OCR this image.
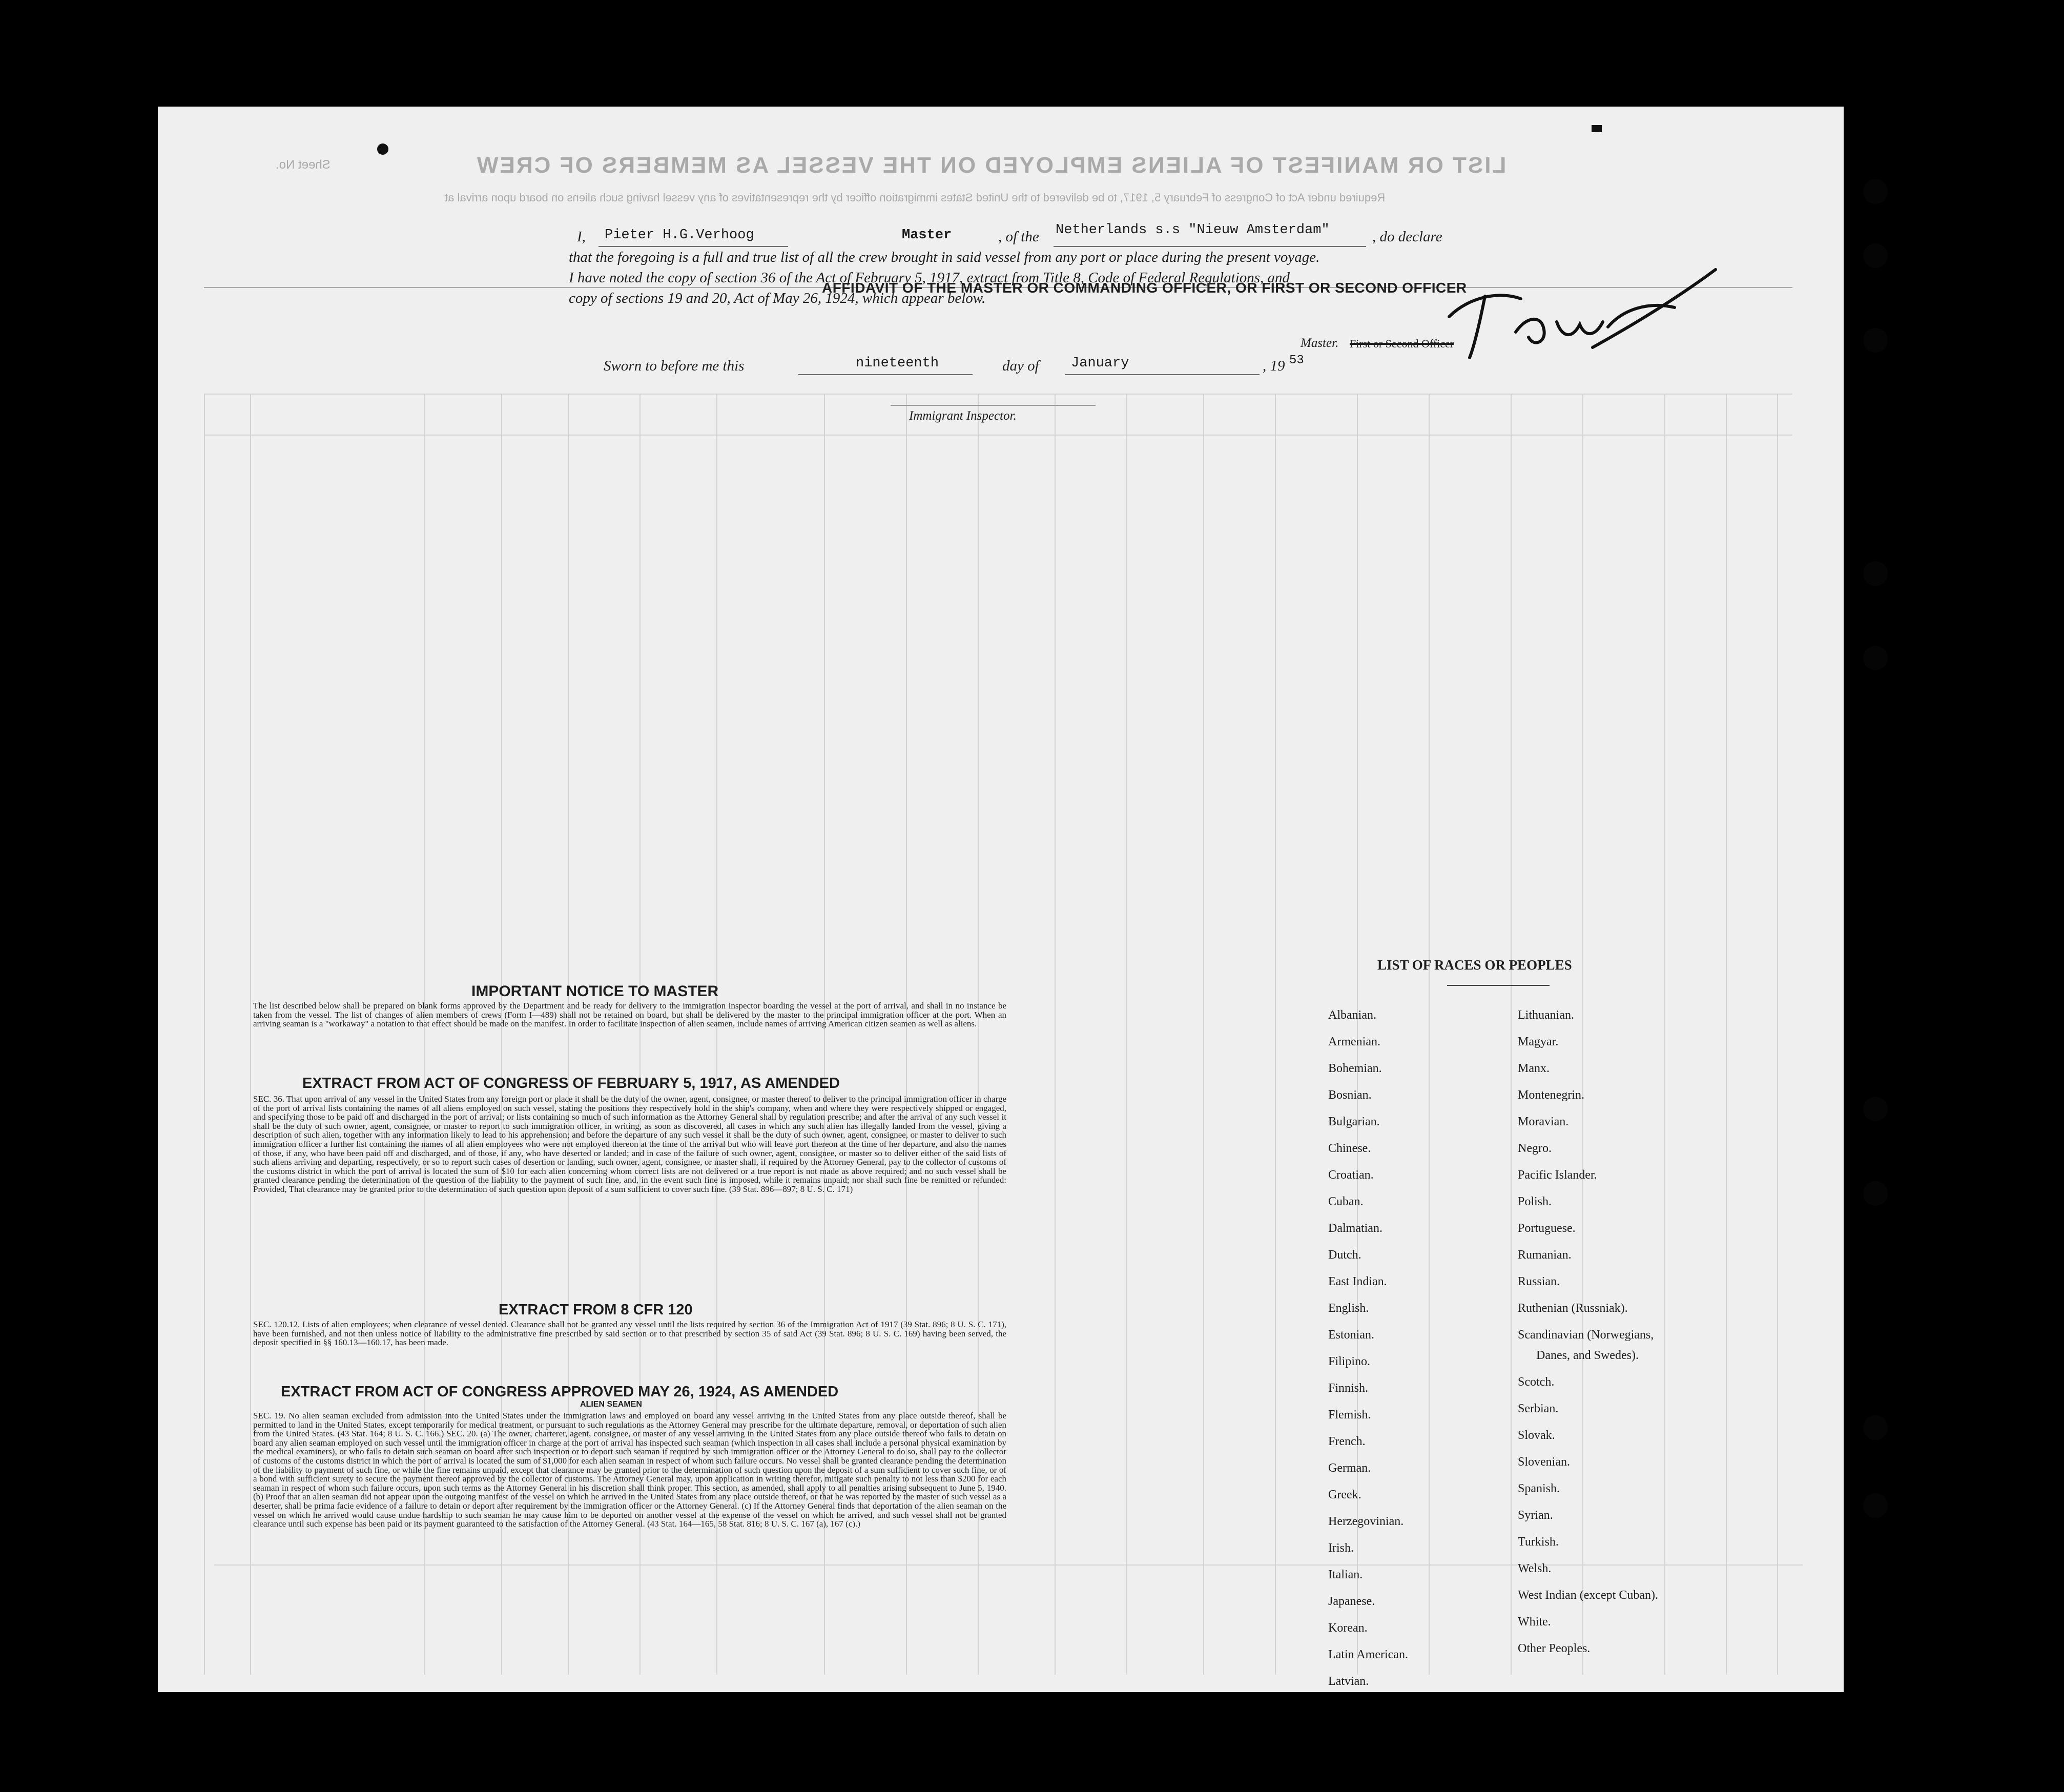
LIST OR MANIFEST OF ALIENS EMPLOYED ON THE VESSEL AS MEMBERS OF CREW
Required under Act of Congress of February 5, 1917, to be delivered to the United States immigration officer by the representatives of any vessel having such aliens on board upon arrival at
Sheet No.
AFFIDAVIT OF THE MASTER OR COMMANDING OFFICER, OR FIRST OR SECOND OFFICER
I, Pieter H.G.Verhoog	Master	, of the Netherlands s.s "Nieuw Amsterdam"	, do declare
that the foregoing is a full and true list of all the crew brought in said vessel from any port or place during the present voyage.
I have noted the copy of section 36 of the Act of February 5, 1917, extract from Title 8, Code of Federal Regulations, and
copy of sections 19 and 20, Act of May 26, 1924, which appear below.
Master. First or Second Officer
Sworn to before me this	nineteenth	day of January	, 19 53
Immigrant Inspector.
IMPORTANT NOTICE TO MASTER
The list described below shall be prepared on blank forms approved by the Department and be ready for delivery to the immigration inspector boarding the vessel at the port of arrival, and shall in no instance be taken from the vessel. The list of changes of alien members of crews (Form I—489) shall not be retained on board, but shall be delivered by the master to the principal immigration officer at the port. When an arriving seaman is a "workaway" a notation to that effect should be made on the manifest. In order to facilitate inspection of alien seamen, include names of arriving American citizen seamen as well as aliens.
EXTRACT FROM ACT OF CONGRESS OF FEBRUARY 5, 1917, AS AMENDED
SEC. 36. That upon arrival of any vessel in the United States from any foreign port or place it shall be the duty of the owner, agent, consignee, or master thereof to deliver to the principal immigration officer in charge of the port of arrival lists containing the names of all aliens employed on such vessel, stating the positions they respectively hold in the ship's company, when and where they were respectively shipped or engaged, and specifying those to be paid off and discharged in the port of arrival; or lists containing so much of such information as the Attorney General shall by regulation prescribe; and after the arrival of any such vessel it shall be the duty of such owner, agent, consignee, or master to report to such immigration officer, in writing, as soon as discovered, all cases in which any such alien has illegally landed from the vessel, giving a description of such alien, together with any information likely to lead to his apprehension; and before the departure of any such vessel it shall be the duty of such owner, agent, consignee, or master to deliver to such immigration officer a further list containing the names of all alien employees who were not employed thereon at the time of the arrival but who will leave port thereon at the time of her departure, and also the names of those, if any, who have been paid off and discharged, and of those, if any, who have deserted or landed; and in case of the failure of such owner, agent, consignee, or master so to deliver either of the said lists of such aliens arriving and departing, respectively, or so to report such cases of desertion or landing, such owner, agent, consignee, or master shall, if required by the Attorney General, pay to the collector of customs of the customs district in which the port of arrival is located the sum of $10 for each alien concerning whom correct lists are not delivered or a true report is not made as above required; and no such vessel shall be granted clearance pending the determination of the question of the liability to the payment of such fine, and, in the event such fine is imposed, while it remains unpaid; nor shall such fine be remitted or refunded: Provided, That clearance may be granted prior to the determination of such question upon deposit of a sum sufficient to cover such fine. (39 Stat. 896—897; 8 U. S. C. 171)
EXTRACT FROM 8 CFR 120
SEC. 120.12. Lists of alien employees; when clearance of vessel denied. Clearance shall not be granted any vessel until the lists required by section 36 of the Immigration Act of 1917 (39 Stat. 896; 8 U. S. C. 171), have been furnished, and not then unless notice of liability to the administrative fine prescribed by said section or to that prescribed by section 35 of said Act (39 Stat. 896; 8 U. S. C. 169) having been served, the deposit specified in §§ 160.13—160.17, has been made.
EXTRACT FROM ACT OF CONGRESS APPROVED MAY 26, 1924, AS AMENDED
ALIEN SEAMEN
SEC. 19. No alien seaman excluded from admission into the United States under the immigration laws and employed on board any vessel arriving in the United States from any place outside thereof, shall be permitted to land in the United States, except temporarily for medical treatment, or pursuant to such regulations as the Attorney General may prescribe for the ultimate departure, removal, or deportation of such alien from the United States. (43 Stat. 164; 8 U. S. C. 166.) SEC. 20. (a) The owner, charterer, agent, consignee, or master of any vessel arriving in the United States from any place outside thereof who fails to detain on board any alien seaman employed on such vessel until the immigration officer in charge at the port of arrival has inspected such seaman (which inspection in all cases shall include a personal physical examination by the medical examiners), or who fails to detain such seaman on board after such inspection or to deport such seaman if required by such immigration officer or the Attorney General to do so, shall pay to the collector of customs of the customs district in which the port of arrival is located the sum of $1,000 for each alien seaman in respect of whom such failure occurs. No vessel shall be granted clearance pending the determination of the liability to payment of such fine, or while the fine remains unpaid, except that clearance may be granted prior to the determination of such question upon the deposit of a sum sufficient to cover such fine, or of a bond with sufficient surety to secure the payment thereof approved by the collector of customs. The Attorney General may, upon application in writing therefor, mitigate such penalty to not less than $200 for each seaman in respect of whom such failure occurs, upon such terms as the Attorney General in his discretion shall think proper. This section, as amended, shall apply to all penalties arising subsequent to June 5, 1940. (b) Proof that an alien seaman did not appear upon the outgoing manifest of the vessel on which he arrived in the United States from any place outside thereof, or that he was reported by the master of such vessel as a deserter, shall be prima facie evidence of a failure to detain or deport after requirement by the immigration officer or the Attorney General. (c) If the Attorney General finds that deportation of the alien seaman on the vessel on which he arrived would cause undue hardship to such seaman he may cause him to be deported on another vessel at the expense of the vessel on which he arrived, and such vessel shall not be granted clearance until such expense has been paid or its payment guaranteed to the satisfaction of the Attorney General. (43 Stat. 164—165, 58 Stat. 816; 8 U. S. C. 167 (a), 167 (c).)
LIST OF RACES OR PEOPLES
Albanian.
Armenian.
Bohemian.
Bosnian.
Bulgarian.
Chinese.
Croatian.
Cuban.
Dalmatian.
Dutch.
East Indian.
English.
Estonian.
Filipino.
Finnish.
Flemish.
French.
German.
Greek.
Herzegovinian.
Irish.
Italian.
Japanese.
Korean.
Latin American.
Latvian.
Lithuanian.
Magyar.
Manx.
Montenegrin.
Moravian.
Negro.
Pacific Islander.
Polish.
Portuguese.
Rumanian.
Russian.
Ruthenian (Russniak).
Scandinavian (Norwegians,
Danes, and Swedes).
Scotch.
Serbian.
Slovak.
Slovenian.
Spanish.
Syrian.
Turkish.
Welsh.
West Indian (except Cuban).
White.
Other Peoples.
